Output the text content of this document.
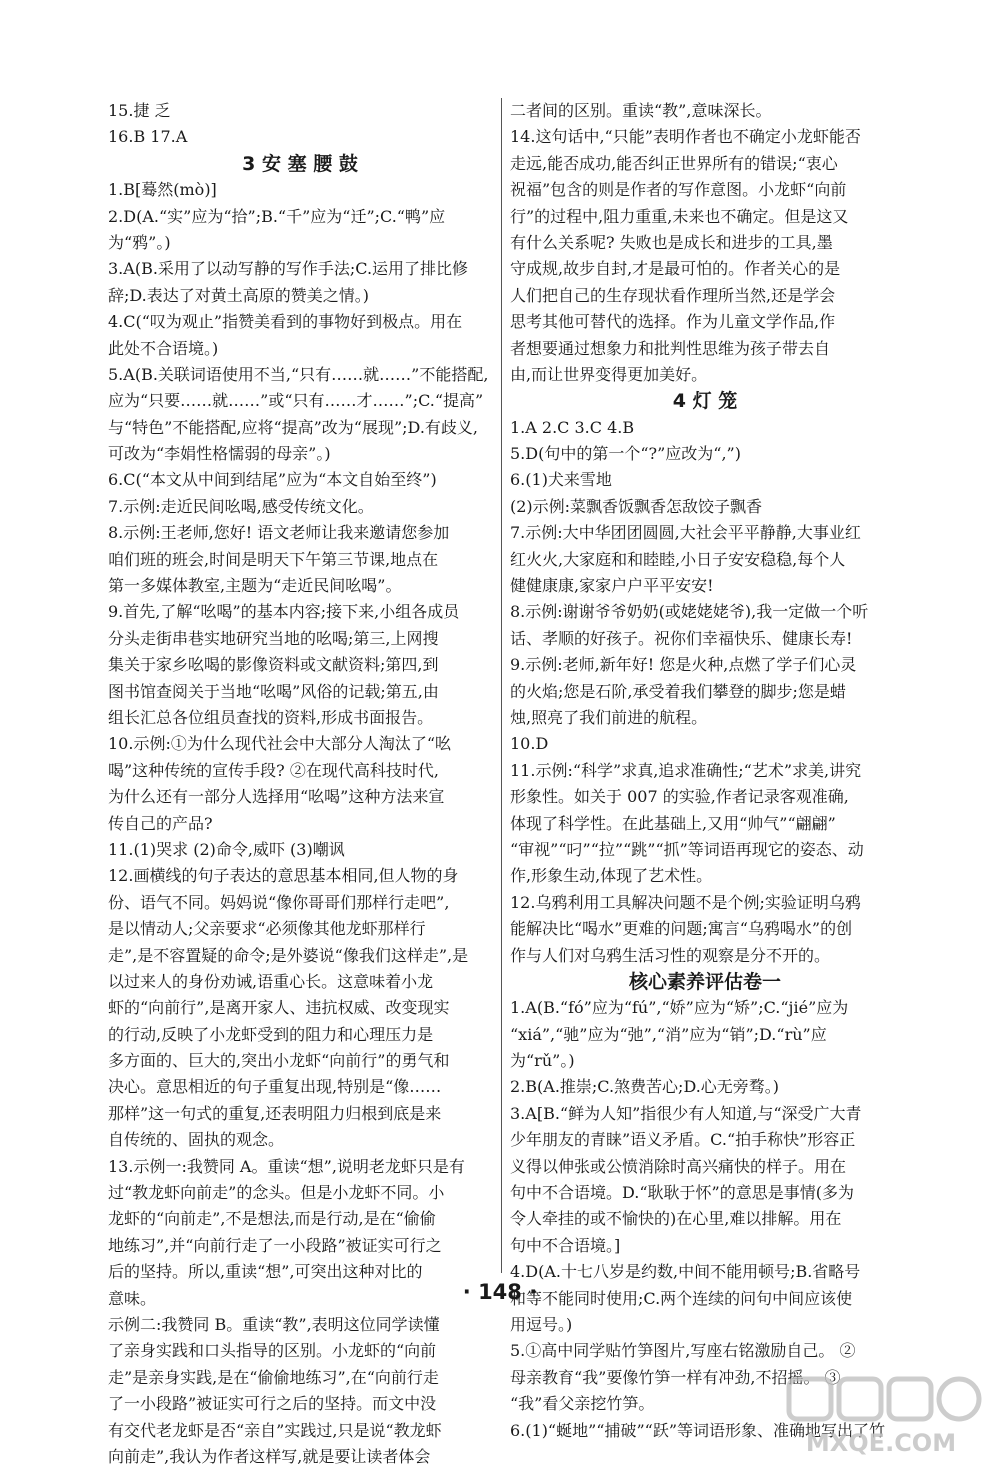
15.捷 乏
16.B 17.A
3 安 塞 腰 鼓
1.B[蓦然(mò)]
2.D(A.“实”应为“拾”;B.“千”应为“迁”;C.“鸭”应
为“鸦”。)
3.A(B.采用了以动写静的写作手法;C.运用了排比修
辞;D.表达了对黄土高原的赞美之情。)
4.C(“叹为观止”指赞美看到的事物好到极点。用在
此处不合语境。)
5.A(B.关联词语使用不当,“只有……就……”不能搭配,
应为“只要……就……”或“只有……才……”;C.“提高”
与“特色”不能搭配,应将“提高”改为“展现”;D.有歧义,
可改为“李娟性格懦弱的母亲”。)
6.C(“本文从中间到结尾”应为“本文自始至终”)
7.示例:走近民间吆喝,感受传统文化。
8.示例:王老师,您好! 语文老师让我来邀请您参加
咱们班的班会,时间是明天下午第三节课,地点在
第一多媒体教室,主题为“走近民间吆喝”。
9.首先,了解“吆喝”的基本内容;接下来,小组各成员
分头走街串巷实地研究当地的吆喝;第三,上网搜
集关于家乡吆喝的影像资料或文献资料;第四,到
图书馆查阅关于当地“吆喝”风俗的记载;第五,由
组长汇总各位组员查找的资料,形成书面报告。
10.示例:①为什么现代社会中大部分人淘汰了“吆
喝”这种传统的宣传手段? ②在现代高科技时代,
为什么还有一部分人选择用“吆喝”这种方法来宣
传自己的产品?
11.(1)哭求 (2)命令,威吓 (3)嘲讽
12.画横线的句子表达的意思基本相同,但人物的身
份、语气不同。妈妈说“像你哥哥们那样行走吧”,
是以情动人;父亲要求“必须像其他龙虾那样行
走”,是不容置疑的命令;是外婆说“像我们这样走”,是
以过来人的身份劝诫,语重心长。这意味着小龙
虾的“向前行”,是离开家人、违抗权威、改变现实
的行动,反映了小龙虾受到的阻力和心理压力是
多方面的、巨大的,突出小龙虾“向前行”的勇气和
决心。意思相近的句子重复出现,特别是“像……
那样”这一句式的重复,还表明阻力归根到底是来
自传统的、固执的观念。
13.示例一:我赞同 A。重读“想”,说明老龙虾只是有
过“教龙虾向前走”的念头。但是小龙虾不同。小
龙虾的“向前走”,不是想法,而是行动,是在“偷偷
地练习”,并“向前行走了一小段路”被证实可行之
后的坚持。所以,重读“想”,可突出这种对比的
意味。
示例二:我赞同 B。重读“教”,表明这位同学读懂
了亲身实践和口头指导的区别。小龙虾的“向前
走”是亲身实践,是在“偷偷地练习”,在“向前行走
了一小段路”被证实可行之后的坚持。而文中没
有交代老龙虾是否“亲自”实践过,只是说“教龙虾
向前走”,我认为作者这样写,就是要让读者体会
二者间的区别。重读“教”,意味深长。
14.这句话中,“只能”表明作者也不确定小龙虾能否
走远,能否成功,能否纠正世界所有的错误;“衷心
祝福”包含的则是作者的写作意图。小龙虾“向前
行”的过程中,阻力重重,未来也不确定。但是这又
有什么关系呢? 失败也是成长和进步的工具,墨
守成规,故步自封,才是最可怕的。作者关心的是
人们把自己的生存现状看作理所当然,还是学会
思考其他可替代的选择。作为儿童文学作品,作
者想要通过想象力和批判性思维为孩子带去自
由,而让世界变得更加美好。
4 灯 笼
1.A 2.C 3.C 4.B
5.D(句中的第一个“?”应改为“,”)
6.(1)犬来雪地
(2)示例:菜飘香饭飘香怎敌饺子飘香
7.示例:大中华团团圆圆,大社会平平静静,大事业红
红火火,大家庭和和睦睦,小日子安安稳稳,每个人
健健康康,家家户户平平安安!
8.示例:谢谢爷爷奶奶(或姥姥姥爷),我一定做一个听
话、孝顺的好孩子。祝你们幸福快乐、健康长寿!
9.示例:老师,新年好! 您是火种,点燃了学子们心灵
的火焰;您是石阶,承受着我们攀登的脚步;您是蜡
烛,照亮了我们前进的航程。
10.D
11.示例:“科学”求真,追求准确性;“艺术”求美,讲究
形象性。如关于 007 的实验,作者记录客观准确,
体现了科学性。在此基础上,又用“帅气”“翩翩”
“审视”“叼”“拉”“跳”“抓”等词语再现它的姿态、动
作,形象生动,体现了艺术性。
12.乌鸦利用工具解决问题不是个例;实验证明乌鸦
能解决比“喝水”更难的问题;寓言“乌鸦喝水”的创
作与人们对乌鸦生活习性的观察是分不开的。
核心素养评估卷一
1.A(B.“fó”应为“fú”,“娇”应为“矫”;C.“jié”应为
“xiá”,“驰”应为“弛”,“消”应为“销”;D.“rù”应
为“rǔ”。)
2.B(A.推崇;C.煞费苦心;D.心无旁骛。)
3.A[B.“鲜为人知”指很少有人知道,与“深受广大青
少年朋友的青睐”语义矛盾。C.“拍手称快”形容正
义得以伸张或公愤消除时高兴痛快的样子。用在
句中不合语境。D.“耿耿于怀”的意思是事情(多为
令人牵挂的或不愉快的)在心里,难以排解。用在
句中不合语境。]
4.D(A.十七八岁是约数,中间不能用顿号;B.省略号
和等不能同时使用;C.两个连续的问句中间应该使
用逗号。)
5.①高中同学贴竹笋图片,写座右铭激励自己。 ②
母亲教育“我”要像竹笋一样有冲劲,不招摇。 ③
“我”看父亲挖竹笋。
6.(1)“蜒地”“捕破”“跃”等词语形象、准确地写出了竹
· 148 ·
MXQE.COM
